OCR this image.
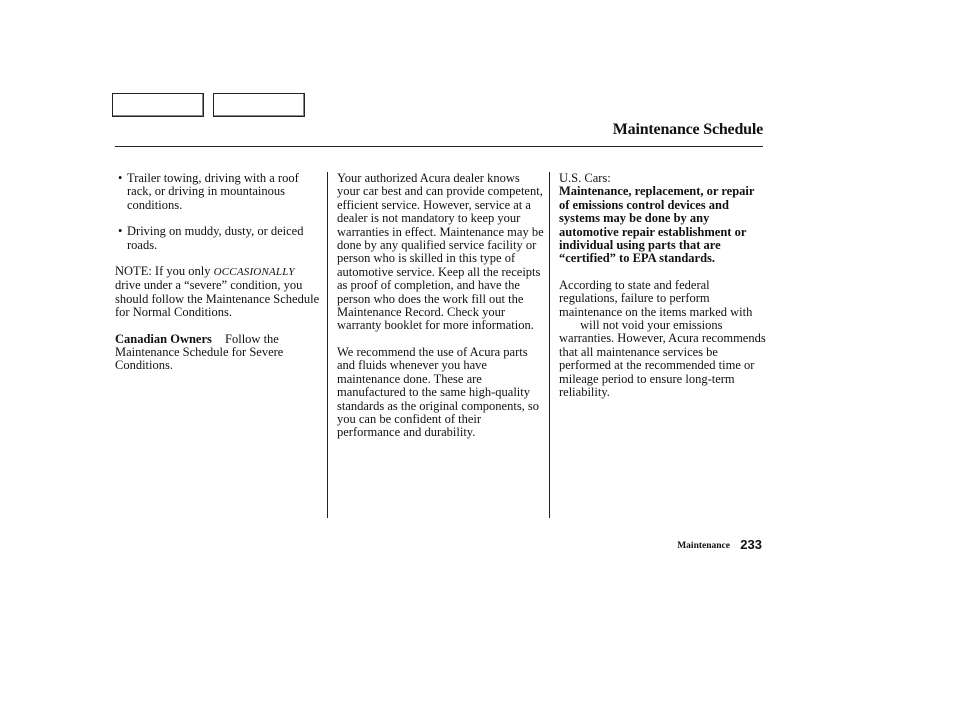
Maintenance Schedule
• Trailer towing, driving with a roof rack, or driving in mountainous conditions.
• Driving on muddy, dusty, or deiced roads.
NOTE: If you only OCCASIONALLY drive under a “severe” condition, you should follow the Maintenance Schedule for Normal Conditions.
Canadian Owners Follow the Maintenance Schedule for Severe Conditions.
Your authorized Acura dealer knows your car best and can provide competent, efficient service. However, service at a dealer is not mandatory to keep your warranties in effect. Maintenance may be done by any qualified service facility or person who is skilled in this type of automotive service. Keep all the receipts as proof of completion, and have the person who does the work fill out the Maintenance Record. Check your warranty booklet for more information.
We recommend the use of Acura parts and fluids whenever you have maintenance done. These are manufactured to the same high-quality standards as the original components, so you can be confident of their performance and durability.
U.S. Cars:
Maintenance, replacement, or repair of emissions control devices and systems may be done by any automotive repair establishment or individual using parts that are “certified” to EPA standards.
According to state and federal regulations, failure to perform maintenance on the items marked with  will not void your emissions warranties. However, Acura recommends that all maintenance services be performed at the recommended time or mileage period to ensure long-term reliability.
Maintenance 233
